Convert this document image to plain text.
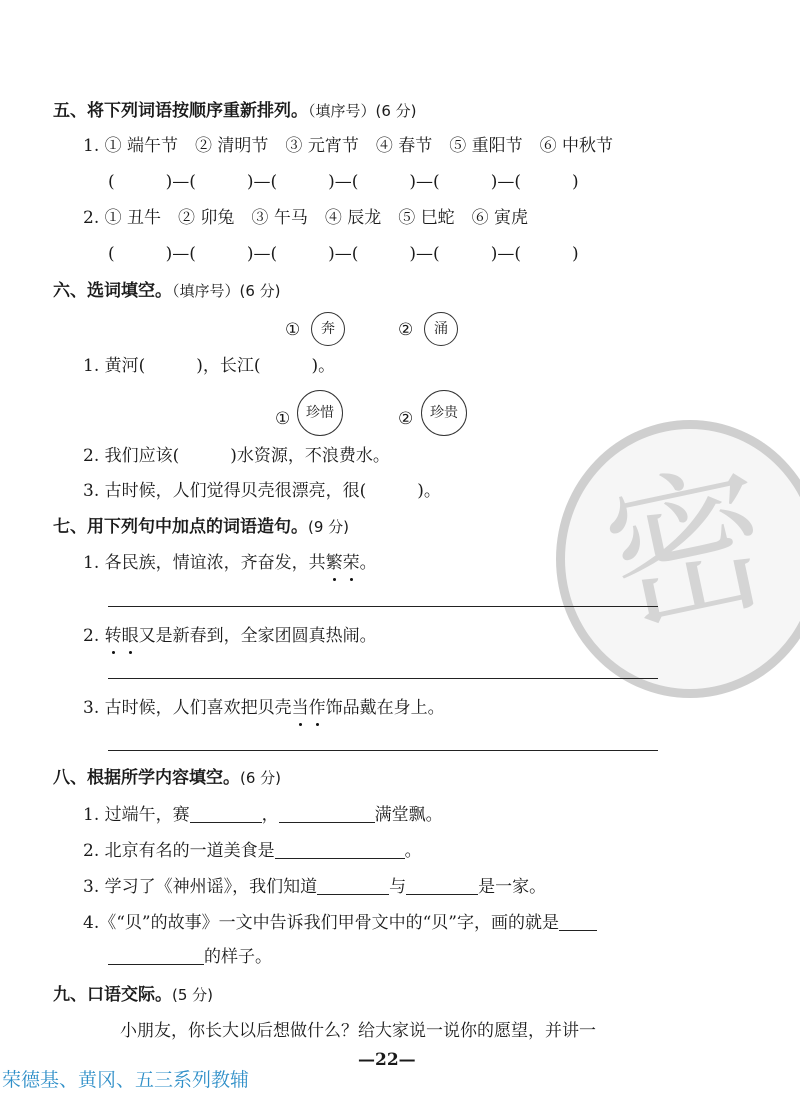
密
五、将下列词语按顺序重新排列。（填序号）(6 分)
1. ① 端午节　② 清明节　③ 元宵节　④ 春节　⑤ 重阳节　⑥ 中秋节
(　　　)—(　　　)—(　　　)—(　　　)—(　　　)—(　　　)
2. ① 丑牛　② 卯兔　③ 午马　④ 辰龙　⑤ 巳蛇　⑥ 寅虎
(　　　)—(　　　)—(　　　)—(　　　)—(　　　)—(　　　)
六、选词填空。（填序号）(6 分)
①	奔	②	涌
1. 黄河(　　　)，长江(　　　)。
①	珍惜	②	珍贵
2. 我们应该(　　　)水资源，不浪费水。
3. 古时候，人们觉得贝壳很漂亮，很(　　　)。
七、用下列句中加点的词语造句。(9 分)
1. 各民族，情谊浓，齐奋发，共繁荣。
2. 转眼又是新春到，全家团圆真热闹。
3. 古时候，人们喜欢把贝壳当作饰品戴在身上。
八、根据所学内容填空。(6 分)
1. 过端午，赛	，	满堂飘。
2. 北京有名的一道美食是	。
3. 学习了《神州谣》，我们知道	与	是一家。
4.《“贝”的故事》一文中告诉我们甲骨文中的“贝”字，画的就是
的样子。
九、口语交际。(5 分)
小朋友，你长大以后想做什么？给大家说一说你的愿望，并讲一
—22—
荣德基、黄冈、五三系列教辅
